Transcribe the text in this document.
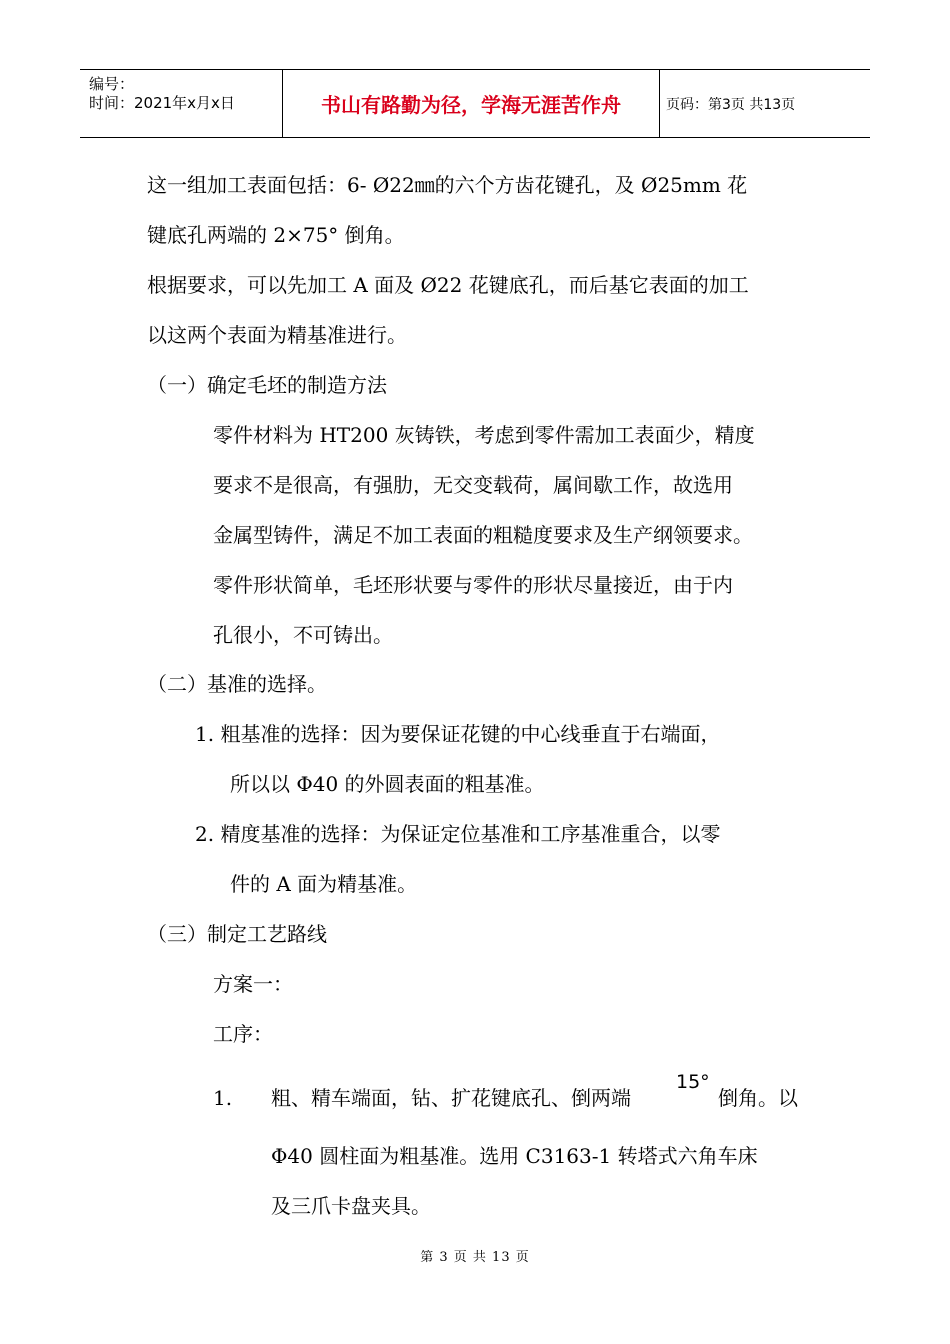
编号：
时间：2021年x月x日	书山有路勤为径，学海无涯苦作舟	页码：第3页 共13页
这一组加工表面包括：6- Ø22㎜的六个方齿花键孔，及 Ø25mm 花
键底孔两端的 2×75° 倒角。
根据要求，可以先加工 A 面及 Ø22 花键底孔，而后基它表面的加工
以这两个表面为精基准进行。
（一）确定毛坯的制造方法
零件材料为 HT200 灰铸铁，考虑到零件需加工表面少，精度
要求不是很高，有强肋，无交变载荷，属间歇工作，故选用
金属型铸件，满足不加工表面的粗糙度要求及生产纲领要求。
零件形状简单，毛坯形状要与零件的形状尽量接近，由于内
孔很小，不可铸出。
（二）基准的选择。
1. 粗基准的选择：因为要保证花键的中心线垂直于右端面，
所以以 Φ40 的外圆表面的粗基准。
2. 精度基准的选择：为保证定位基准和工序基准重合，以零
件的 A 面为精基准。
（三）制定工艺路线
方案一：
工序：
1. 粗、精车端面，钻、扩花键底孔、倒两端
15°
倒角。以
Φ40 圆柱面为粗基准。选用 C3163-1 转塔式六角车床
及三爪卡盘夹具。
第 3 页 共 13 页
